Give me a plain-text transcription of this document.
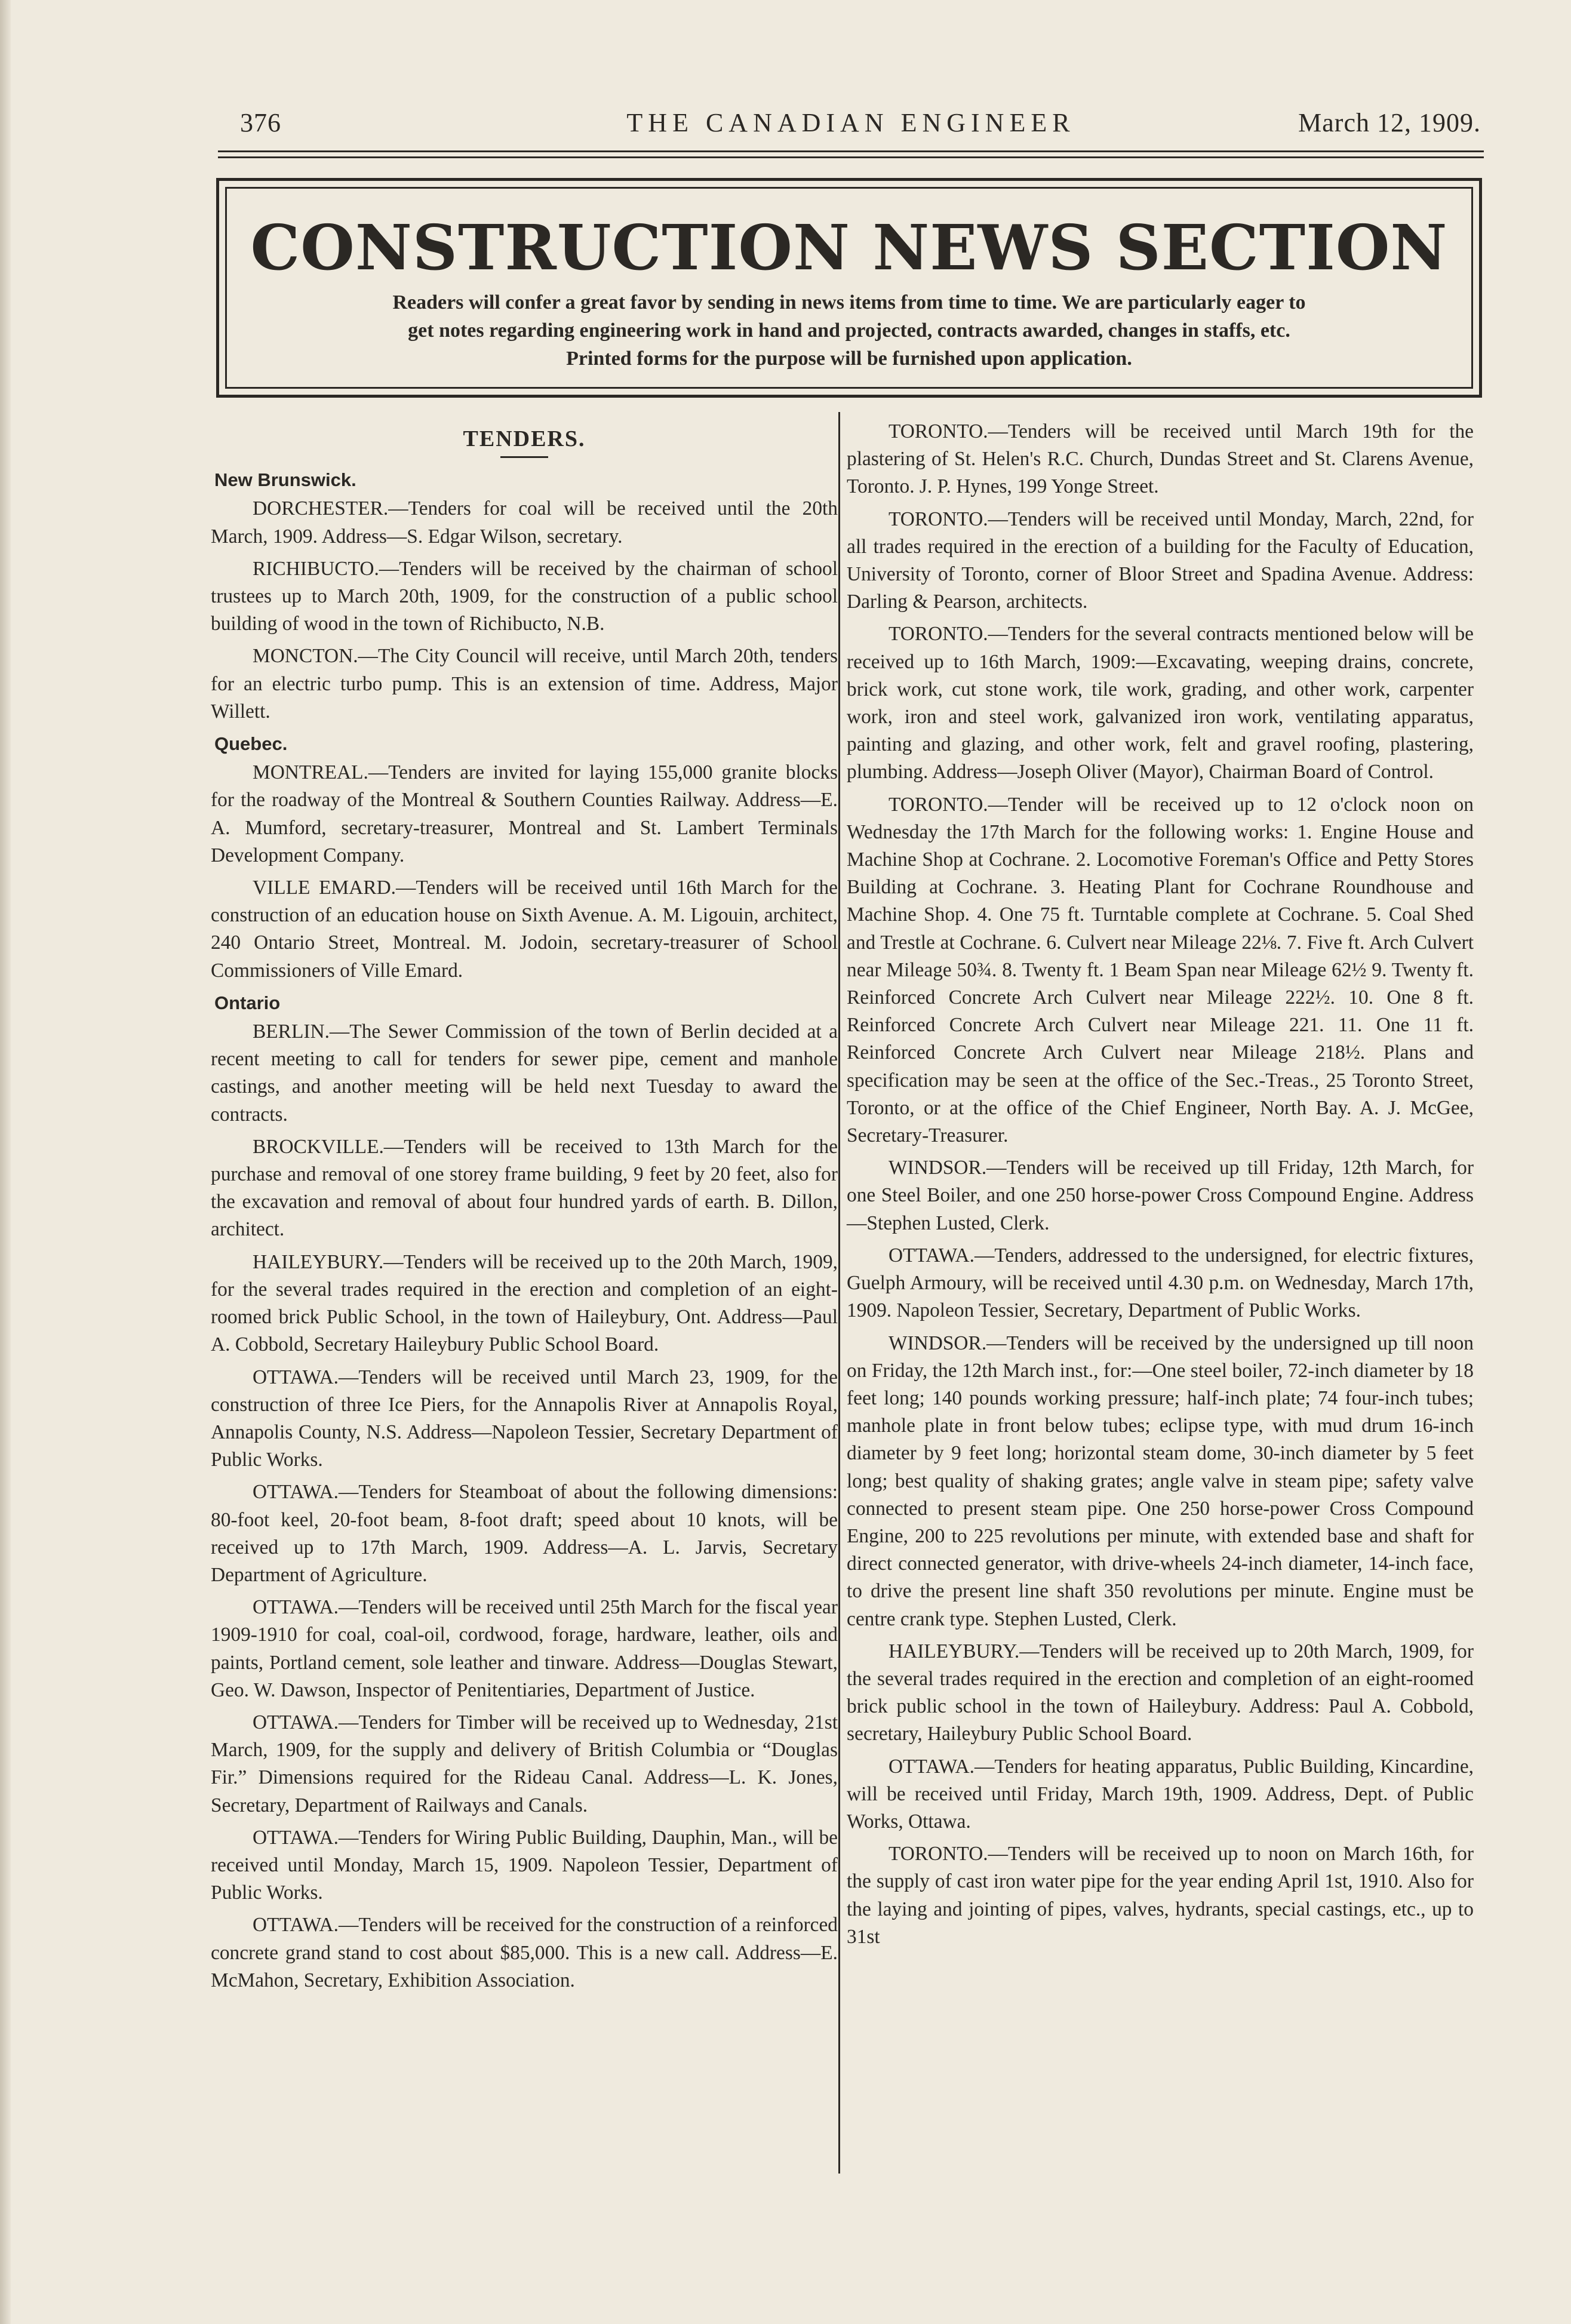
376	THE CANADIAN ENGINEER	March 12, 1909.
CONSTRUCTION NEWS SECTION
Readers will confer a great favor by sending in news items from time to time. We are particularly eager to
get notes regarding engineering work in hand and projected, contracts awarded, changes in staffs, etc.
Printed forms for the purpose will be furnished upon application.
TENDERS.
New Brunswick.

DORCHESTER.—Tenders for coal will be received until the 20th March, 1909. Address—S. Edgar Wilson, secretary.

RICHIBUCTO.—Tenders will be received by the chairman of school trustees up to March 20th, 1909, for the construction of a public school building of wood in the town of Richibucto, N.B.

MONCTON.—The City Council will receive, until March 20th, tenders for an electric turbo pump. This is an extension of time. Address, Major Willett.

Quebec.

MONTREAL.—Tenders are invited for laying 155,000 granite blocks for the roadway of the Montreal & Southern Counties Railway. Address—E. A. Mumford, secretary-treasurer, Montreal and St. Lambert Terminals Development Company.

VILLE EMARD.—Tenders will be received until 16th March for the construction of an education house on Sixth Avenue. A. M. Ligouin, architect, 240 Ontario Street, Montreal. M. Jodoin, secretary-treasurer of School Commissioners of Ville Emard.

Ontario

BERLIN.—The Sewer Commission of the town of Berlin decided at a recent meeting to call for tenders for sewer pipe, cement and manhole castings, and another meeting will be held next Tuesday to award the contracts.

BROCKVILLE.—Tenders will be received to 13th March for the purchase and removal of one storey frame building, 9 feet by 20 feet, also for the excavation and removal of about four hundred yards of earth. B. Dillon, architect.

HAILEYBURY.—Tenders will be received up to the 20th March, 1909, for the several trades required in the erection and completion of an eight-roomed brick Public School, in the town of Haileybury, Ont. Address—Paul A. Cobbold, Secretary Haileybury Public School Board.

OTTAWA.—Tenders will be received until March 23, 1909, for the construction of three Ice Piers, for the Annapolis River at Annapolis Royal, Annapolis County, N.S. Address—Napoleon Tessier, Secretary Department of Public Works.

OTTAWA.—Tenders for Steamboat of about the following dimensions: 80-foot keel, 20-foot beam, 8-foot draft; speed about 10 knots, will be received up to 17th March, 1909. Address—A. L. Jarvis, Secretary Department of Agriculture.

OTTAWA.—Tenders will be received until 25th March for the fiscal year 1909-1910 for coal, coal-oil, cordwood, forage, hardware, leather, oils and paints, Portland cement, sole leather and tinware. Address—Douglas Stewart, Geo. W. Dawson, Inspector of Penitentiaries, Department of Justice.

OTTAWA.—Tenders for Timber will be received up to Wednesday, 21st March, 1909, for the supply and delivery of British Columbia or “Douglas Fir.” Dimensions required for the Rideau Canal. Address—L. K. Jones, Secretary, Department of Railways and Canals.

OTTAWA.—Tenders for Wiring Public Building, Dauphin, Man., will be received until Monday, March 15, 1909. Napoleon Tessier, Department of Public Works.

OTTAWA.—Tenders will be received for the construction of a reinforced concrete grand stand to cost about $85,000. This is a new call. Address—E. McMahon, Secretary, Exhibition Association.

TORONTO.—Tenders will be received until March 19th for the plastering of St. Helen's R.C. Church, Dundas Street and St. Clarens Avenue, Toronto. J. P. Hynes, 199 Yonge Street.

TORONTO.—Tenders will be received until Monday, March, 22nd, for all trades required in the erection of a building for the Faculty of Education, University of Toronto, corner of Bloor Street and Spadina Avenue. Address: Darling & Pearson, architects.

TORONTO.—Tenders for the several contracts mentioned below will be received up to 16th March, 1909:—Excavating, weeping drains, concrete, brick work, cut stone work, tile work, grading, and other work, carpenter work, iron and steel work, galvanized iron work, ventilating apparatus, painting and glazing, and other work, felt and gravel roofing, plastering, plumbing. Address—Joseph Oliver (Mayor), Chairman Board of Control.

TORONTO.—Tender will be received up to 12 o'clock noon on Wednesday the 17th March for the following works: 1. Engine House and Machine Shop at Cochrane. 2. Locomotive Foreman's Office and Petty Stores Building at Cochrane. 3. Heating Plant for Cochrane Roundhouse and Machine Shop. 4. One 75 ft. Turntable complete at Cochrane. 5. Coal Shed and Trestle at Cochrane. 6. Culvert near Mileage 22⅛. 7. Five ft. Arch Culvert near Mileage 50¾. 8. Twenty ft. 1 Beam Span near Mileage 62½ 9. Twenty ft. Reinforced Concrete Arch Culvert near Mileage 222½. 10. One 8 ft. Reinforced Concrete Arch Culvert near Mileage 221. 11. One 11 ft. Reinforced Concrete Arch Culvert near Mileage 218½. Plans and specification may be seen at the office of the Sec.-Treas., 25 Toronto Street, Toronto, or at the office of the Chief Engineer, North Bay. A. J. McGee, Secretary-Treasurer.

WINDSOR.—Tenders will be received up till Friday, 12th March, for one Steel Boiler, and one 250 horse-power Cross Compound Engine. Address—Stephen Lusted, Clerk.

OTTAWA.—Tenders, addressed to the undersigned, for electric fixtures, Guelph Armoury, will be received until 4.30 p.m. on Wednesday, March 17th, 1909. Napoleon Tessier, Secretary, Department of Public Works.

WINDSOR.—Tenders will be received by the undersigned up till noon on Friday, the 12th March inst., for:—One steel boiler, 72-inch diameter by 18 feet long; 140 pounds working pressure; half-inch plate; 74 four-inch tubes; manhole plate in front below tubes; eclipse type, with mud drum 16-inch diameter by 9 feet long; horizontal steam dome, 30-inch diameter by 5 feet long; best quality of shaking grates; angle valve in steam pipe; safety valve connected to present steam pipe. One 250 horse-power Cross Compound Engine, 200 to 225 revolutions per minute, with extended base and shaft for direct connected generator, with drive-wheels 24-inch diameter, 14-inch face, to drive the present line shaft 350 revolutions per minute. Engine must be centre crank type. Stephen Lusted, Clerk.

HAILEYBURY.—Tenders will be received up to 20th March, 1909, for the several trades required in the erection and completion of an eight-roomed brick public school in the town of Haileybury. Address: Paul A. Cobbold, secretary, Haileybury Public School Board.

OTTAWA.—Tenders for heating apparatus, Public Building, Kincardine, will be received until Friday, March 19th, 1909. Address, Dept. of Public Works, Ottawa.

TORONTO.—Tenders will be received up to noon on March 16th, for the supply of cast iron water pipe for the year ending April 1st, 1910. Also for the laying and jointing of pipes, valves, hydrants, special castings, etc., up to 31st
